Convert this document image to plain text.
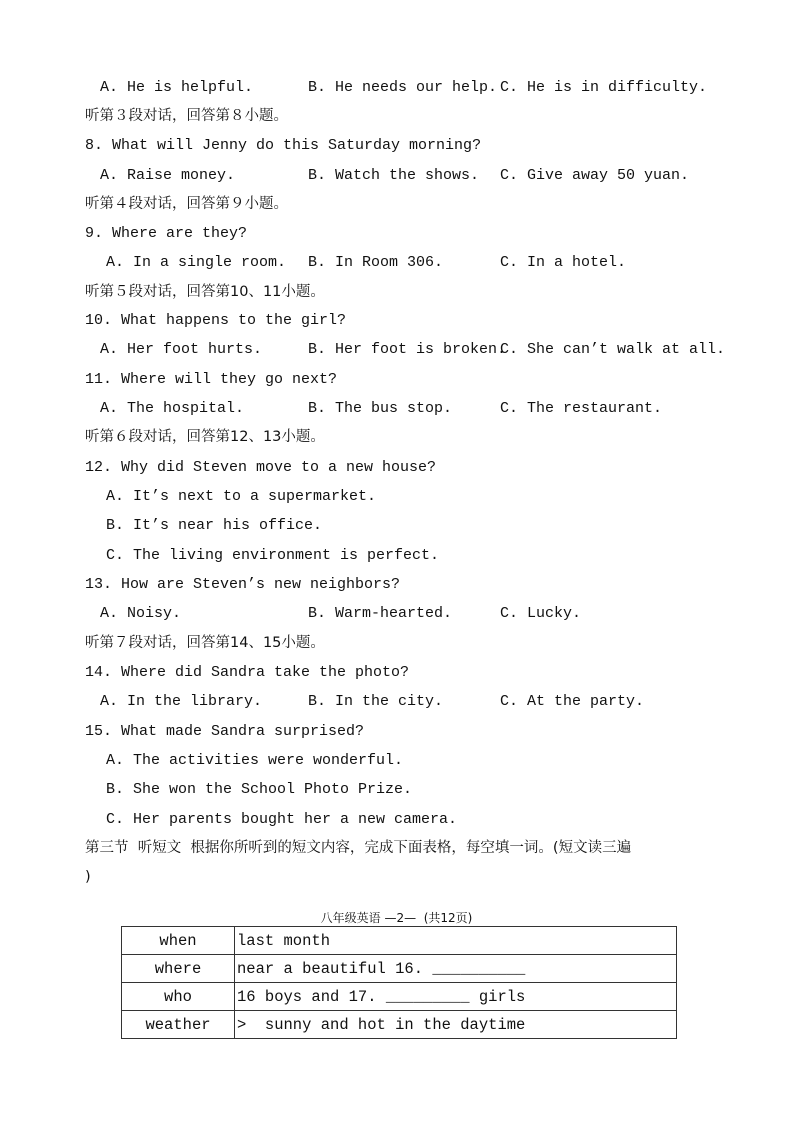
A. He is helpful.	B. He needs our help. C. He is in difficulty.
听第３段对话，回答第８小题。
8. What will Jenny do this Saturday morning?
A. Raise money.	B. Watch the shows. C. Give away 50 yuan.
听第４段对话，回答第９小题。
9. Where are they?
A. In a single room. B. In Room 306.	C. In a hotel.
听第５段对话，回答第10、11小题。
10. What happens to the girl?
A. Her foot hurts.	B. Her foot is broken.
C. She can’t walk at all.
11. Where will they go next?
A. The hospital.	B. The bus stop.	C. The restaurant.
听第６段对话，回答第12、13小题。
12. Why did Steven move to a new house?
A. It’s next to a supermarket.
B. It’s near his office.
C. The living environment is perfect.
13. How are Steven’s new neighbors?
A. Noisy.	B. Warm-hearted.	C. Lucky.
听第７段对话，回答第14、15小题。
14. Where did Sandra take the photo?
A. In the library.	B. In the city.	C. At the party.
15. What made Sandra surprised?
A. The activities were wonderful.
B. She won the School Photo Prize.
C. Her parents bought her a new camera.
第三节  听短文  根据你所听到的短文内容，完成下面表格，每空填一词。(短文读三遍
)
八年级英语 —2—  (共12页)
when	last month
where	near a beautiful 16. __________
who	16 boys and 17. _________ girls
weather	>  sunny and hot in the daytime
